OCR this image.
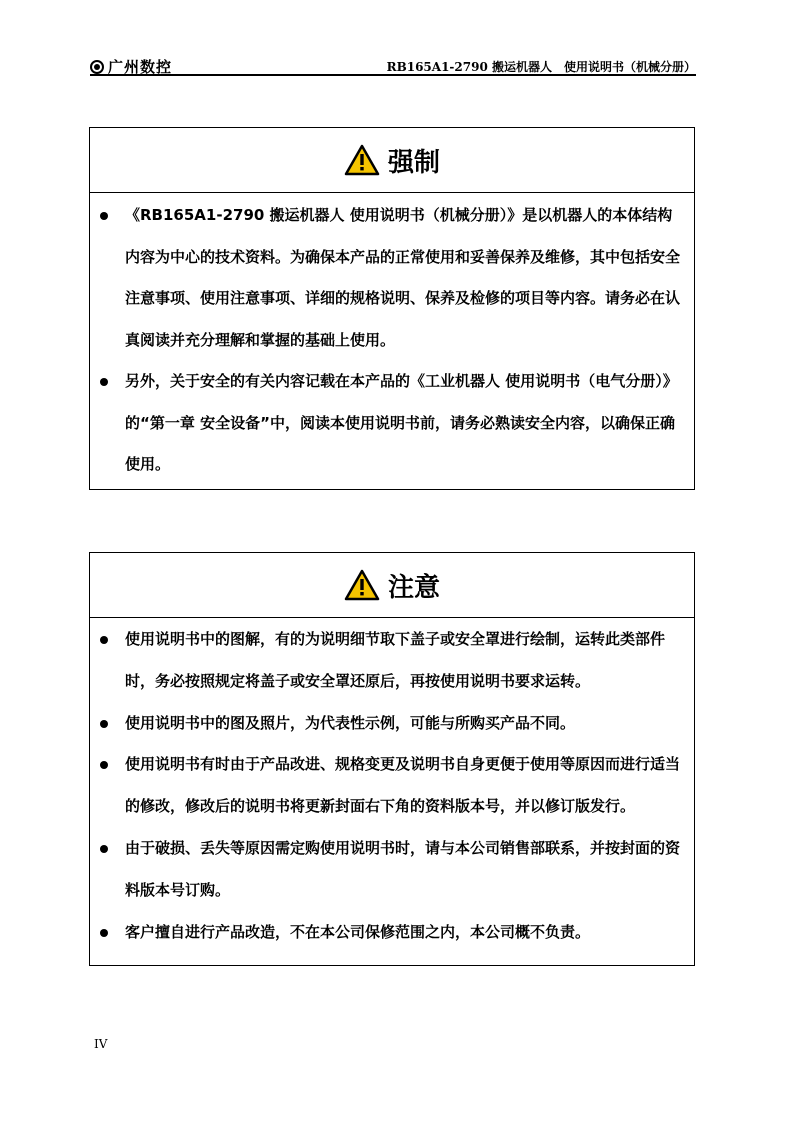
广州数控	RB165A1-2790 搬运机器人　使用说明书（机械分册）
强制
《RB165A1-2790 搬运机器人 使用说明书（机械分册）》是以机器人的本体结构内容为中心的技术资料。为确保本产品的正常使用和妥善保养及维修，其中包括安全注意事项、使用注意事项、详细的规格说明、保养及检修的项目等内容。请务必在认真阅读并充分理解和掌握的基础上使用。
另外，关于安全的有关内容记载在本产品的《工业机器人 使用说明书（电气分册）》的“第一章 安全设备”中，阅读本使用说明书前，请务必熟读安全内容，以确保正确使用。
注意
使用说明书中的图解，有的为说明细节取下盖子或安全罩进行绘制，运转此类部件时，务必按照规定将盖子或安全罩还原后，再按使用说明书要求运转。
使用说明书中的图及照片，为代表性示例，可能与所购买产品不同。
使用说明书有时由于产品改进、规格变更及说明书自身更便于使用等原因而进行适当的修改，修改后的说明书将更新封面右下角的资料版本号，并以修订版发行。
由于破损、丢失等原因需定购使用说明书时，请与本公司销售部联系，并按封面的资料版本号订购。
客户擅自进行产品改造，不在本公司保修范围之内，本公司概不负责。
IV
